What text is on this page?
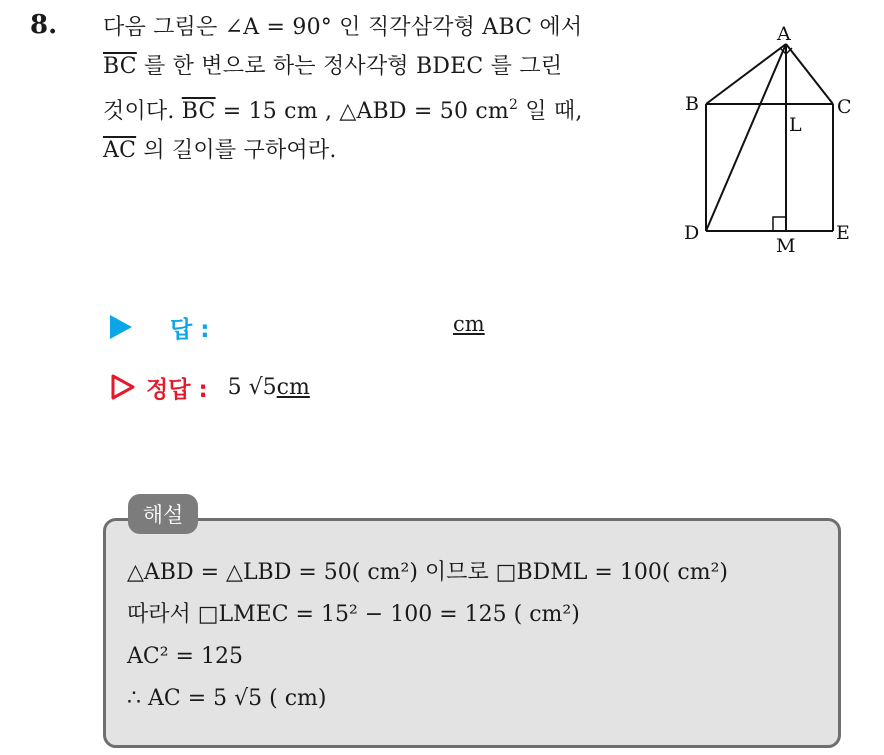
8. 다음 그림은 ∠A = 90° 인 직각삼각형 ABC 에서
$\overline{BC}$ 를 한 변으로 하는 정사각형 BDEC 를 그린
것이다. $\overline{BC} = 15$ cm , △ABD = 50 $cm^2$ 일 때,
$\overline{AC}$ 의 길이를 구하여라.
A
B	C
L
D
M
E
답 :	cm
정답 : 5 √5cm
해설
△ABD = △LBD = 50( cm²) 이므로 □BDML = 100( cm²)
따라서 □LMEC = 15² − 100 = 125 ( cm²)
AC² = 125
∴ AC = 5 √5 ( cm)
